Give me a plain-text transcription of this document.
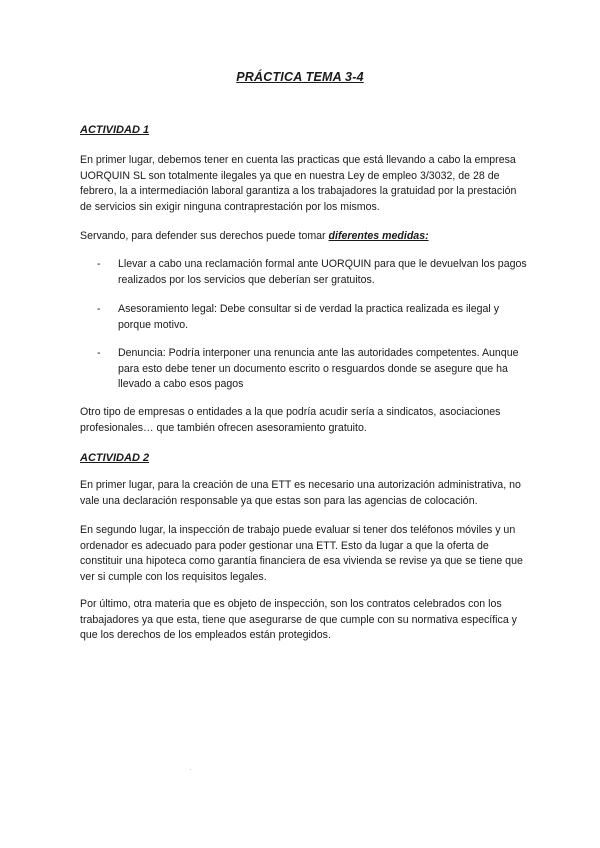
PRÁCTICA TEMA 3-4
ACTIVIDAD 1

En primer lugar, debemos tener en cuenta las practicas que está llevando a cabo la empresa UORQUIN SL son totalmente ilegales ya que en nuestra Ley de empleo 3/3032, de 28 de febrero, la a intermediación laboral garantiza a los trabajadores la gratuidad por la prestación de servicios sin exigir ninguna contraprestación por los mismos.

Servando, para defender sus derechos puede tomar diferentes medidas:

- Llevar a cabo una reclamación formal ante UORQUIN para que le devuelvan los pagos realizados por los servicios que deberían ser gratuitos.
- Asesoramiento legal: Debe consultar si de verdad la practica realizada es ilegal y porque motivo.
- Denuncia: Podría interponer una renuncia ante las autoridades competentes. Aunque para esto debe tener un documento escrito o resguardos donde se asegure que ha llevado a cabo esos pagos

Otro tipo de empresas o entidades a la que podría acudir sería a sindicatos, asociaciones profesionales… que también ofrecen asesoramiento gratuito.

ACTIVIDAD 2

En primer lugar, para la creación de una ETT es necesario una autorización administrativa, no vale una declaración responsable ya que estas son para las agencias de colocación.

En segundo lugar, la inspección de trabajo puede evaluar si tener dos teléfonos móviles y un ordenador es adecuado para poder gestionar una ETT. Esto da lugar a que la oferta de constituir una hipoteca como garantía financiera de esa vivienda se revise ya que se tiene que ver si cumple con los requisitos legales.

Por último, otra materia que es objeto de inspección, son los contratos celebrados con los trabajadores ya que esta, tiene que asegurarse de que cumple con su normativa específica y que los derechos de los empleados están protegidos.
